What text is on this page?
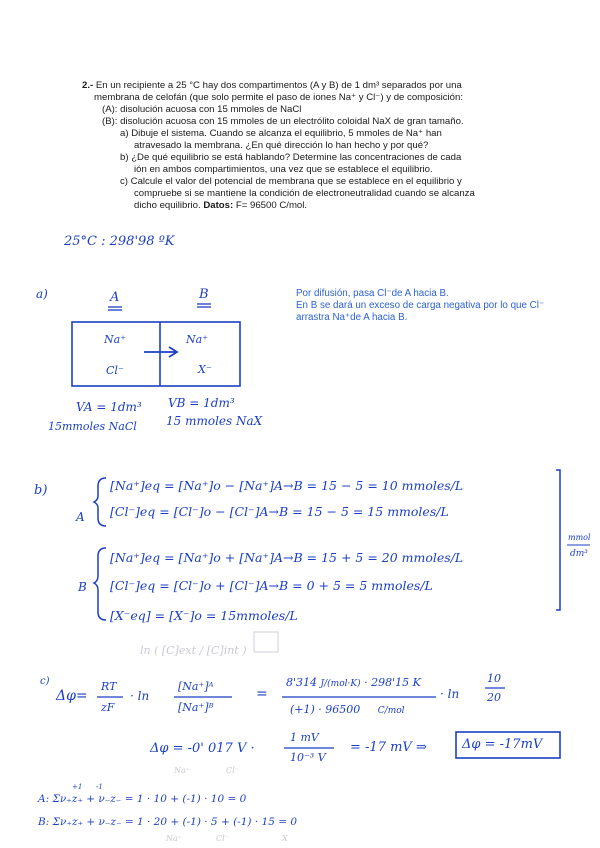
2.- En un recipiente a 25 °C hay dos compartimentos (A y B) de 1 dm³ separados por una
membrana de celofán (que solo permite el paso de iones Na⁺ y Cl⁻) y de composición:
(A): disolución acuosa con 15 mmoles de NaCl
(B): disolución acuosa con 15 mmoles de un electrólito coloidal NaX de gran tamaño.
a) Dibuje el sistema. Cuando se alcanza el equilibrio, 5 mmoles de Na⁺ han
atravesado la membrana. ¿En qué dirección lo han hecho y por qué?
b) ¿De qué equilibrio se está hablando? Determine las concentraciones de cada
ión en ambos compartimientos, una vez que se establece el equilibrio.
c) Calcule el valor del potencial de membrana que se establece en el equilibrio y
compruebe si se mantiene la condición de electroneutralidad cuando se alcanza
dicho equilibrio. Datos: F= 96500 C/mol.
25°C : 298'98 ºK
a)	A	B
Na⁺	Na⁺
Cl⁻	X⁻
VA = 1dm³ VB = 1dm³
15mmoles NaCl 15 mmoles NaX
Por difusión, pasa Cl⁻de A hacia B.
En B se dará un exceso de carga negativa por lo que Cl⁻
arrastra Na⁺de A hacia B.
b)
A
B
[Na⁺]eq = [Na⁺]o − [Na⁺]A→B = 15 − 5 = 10 mmoles/L
[Cl⁻]eq = [Cl⁻]o − [Cl⁻]A→B = 15 − 5 = 15 mmoles/L
[Na⁺]eq = [Na⁺]o + [Na⁺]A→B = 15 + 5 = 20 mmoles/L
[Cl⁻]eq = [Cl⁻]o + [Cl⁻]A→B = 0 + 5 = 5 mmoles/L
[X⁻eq] = [X⁻]o = 15mmoles/L
mmol
dm³
ln ( [C]ext / [C]int )
c)
Δφ=
RT
zF
· ln
[Na⁺]ᴬ
[Na⁺]ᴮ
=
8'314 J/(mol·K) · 298'15 K
(+1) · 96500 C/mol
· ln
10
20
Δφ = -0' 017 V ·
1 mV
10⁻³ V
= -17 mV ⇒	Δφ = -17mV
Na⁺	Cl⁻
+1 -1
A: Σν₊z₊ + ν₋z₋ = 1 · 10 + (-1) · 10 = 0
B: Σν₊z₊ + ν₋z₋ = 1 · 20 + (-1) · 5 + (-1) · 15 = 0
Na⁺	Cl⁻	X
